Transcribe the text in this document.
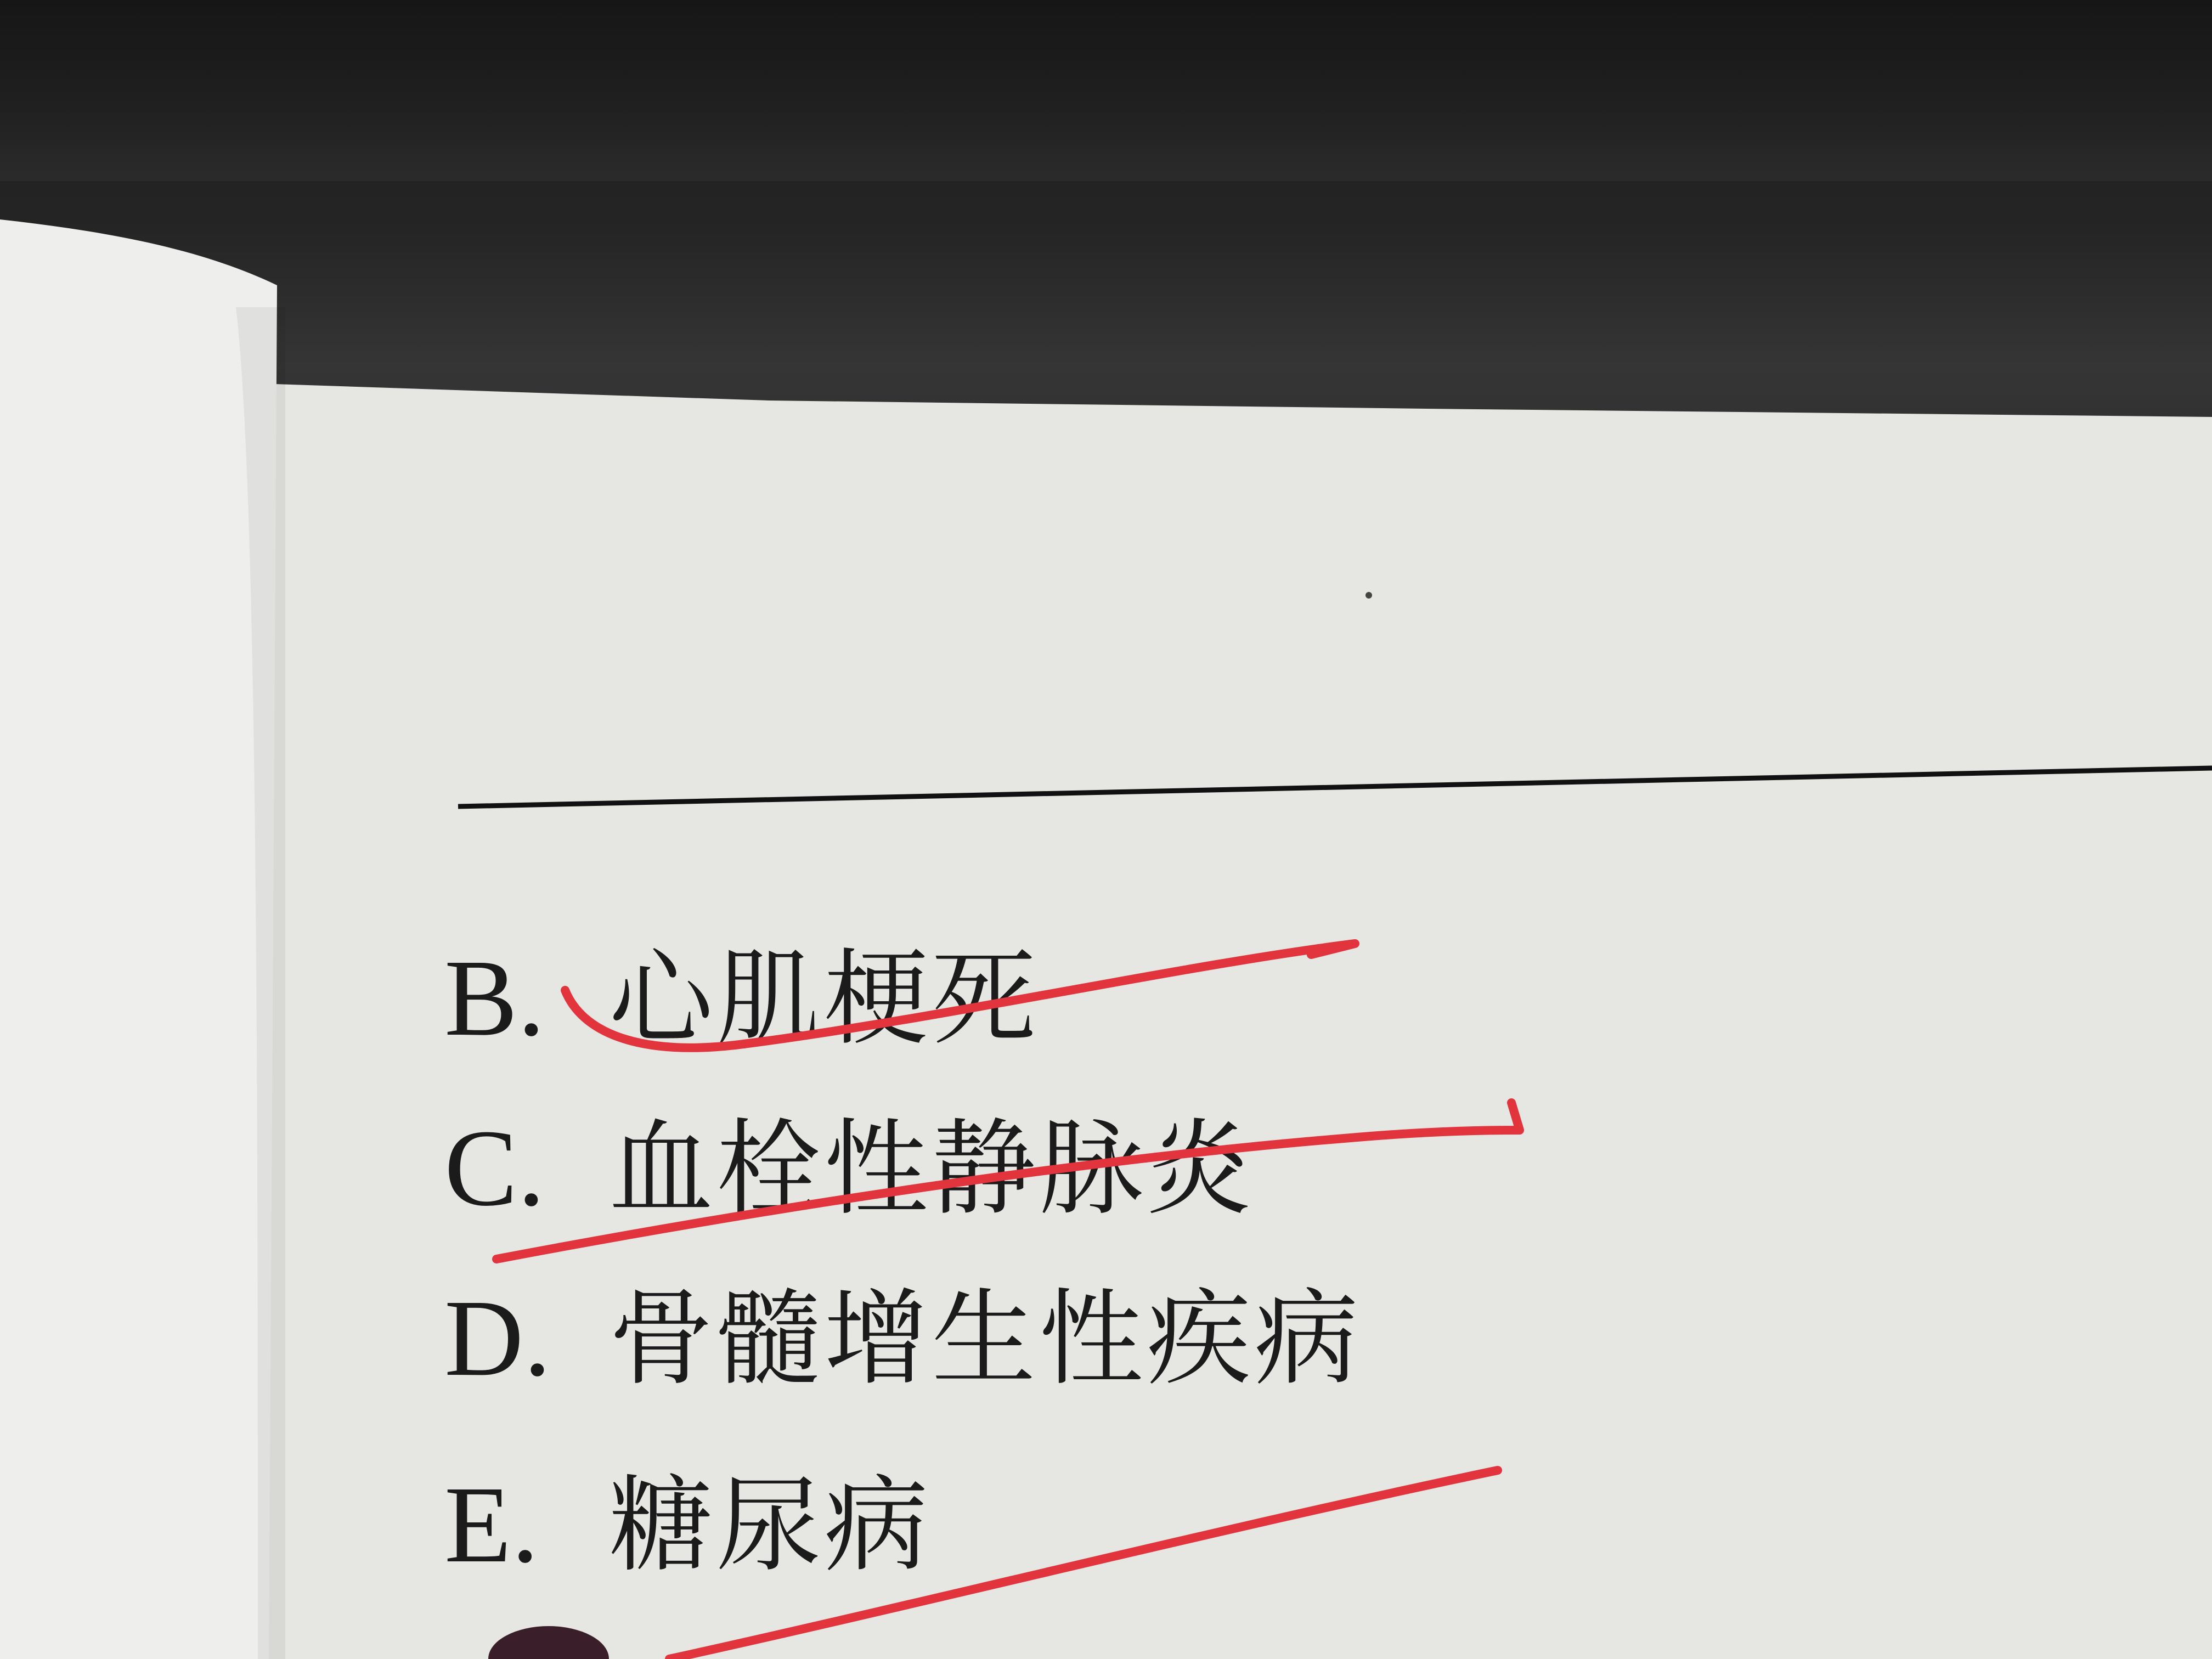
B. 心肌梗死
C. 血栓性静脉炎
D. 骨髓增生性疾病
E. 糖尿病
